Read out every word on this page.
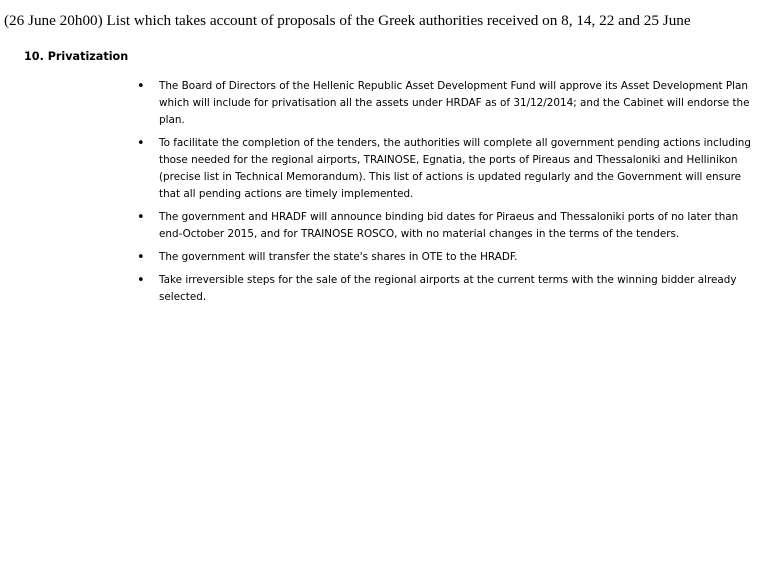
(26 June 20h00) List which takes account of proposals of the Greek authorities received on 8, 14, 22 and 25 June
10. Privatization
• The Board of Directors of the Hellenic Republic Asset Development Fund will approve its Asset Development Plan which will include for privatisation all the assets under HRDAF as of 31/12/2014; and the Cabinet will endorse the plan.
• To facilitate the completion of the tenders, the authorities will complete all government pending actions including those needed for the regional airports, TRAINOSE, Egnatia, the ports of Pireaus and Thessaloniki and Hellinikon (precise list in Technical Memorandum). This list of actions is updated regularly and the Government will ensure that all pending actions are timely implemented.
• The government and HRADF will announce binding bid dates for Piraeus and Thessaloniki ports of no later than end-October 2015, and for TRAINOSE ROSCO, with no material changes in the terms of the tenders.
• The government will transfer the state's shares in OTE to the HRADF.
• Take irreversible steps for the sale of the regional airports at the current terms with the winning bidder already selected.
